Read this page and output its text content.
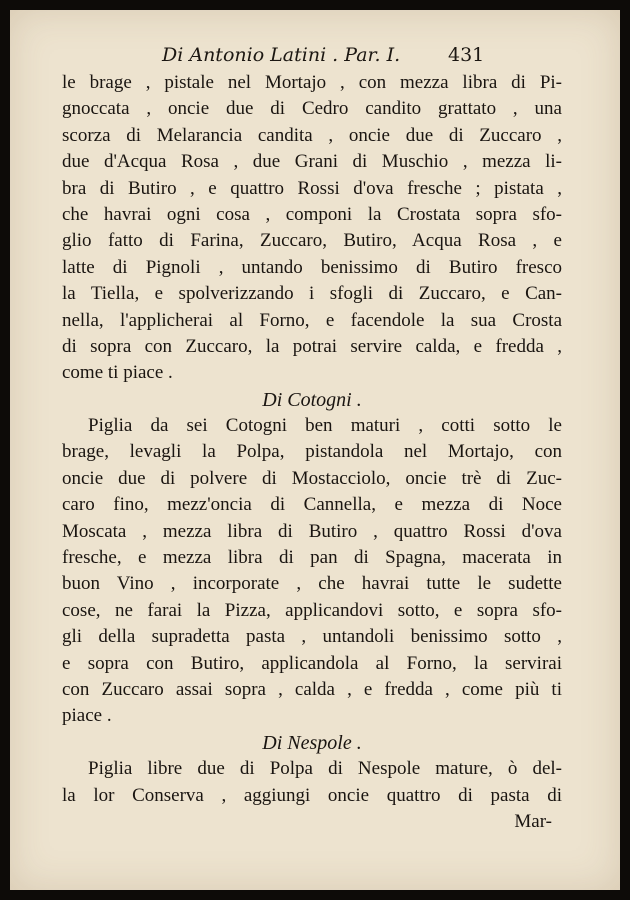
Di Antonio Latini . Par. I.	431
le brage , pistale nel Mortajo , con mezza libra di Pi-
gnoccata , oncie due di Cedro candito grattato , una
scorza di Melarancia candita , oncie due di Zuccaro ,
due d'Acqua Rosa , due Grani di Muschio , mezza li-
bra di Butiro , e quattro Rossi d'ova fresche ; pistata ,
che havrai ogni cosa , componi la Crostata sopra sfo-
glio fatto di Farina, Zuccaro, Butiro, Acqua Rosa , e
latte di Pignoli , untando benissimo di Butiro fresco
la Tiella, e spolverizzando i sfogli di Zuccaro, e Can-
nella, l'applicherai al Forno, e facendole la sua Crosta
di sopra con Zuccaro, la potrai servire calda, e fredda ,
come ti piace .
Di Cotogni .
Piglia da sei Cotogni ben maturi , cotti sotto le
brage, levagli la Polpa, pistandola nel Mortajo, con
oncie due di polvere di Mostacciolo, oncie trè di Zuc-
caro fino, mezz'oncia di Cannella, e mezza di Noce
Moscata , mezza libra di Butiro , quattro Rossi d'ova
fresche, e mezza libra di pan di Spagna, macerata in
buon Vino , incorporate , che havrai tutte le sudette
cose, ne farai la Pizza, applicandovi sotto, e sopra sfo-
gli della supradetta pasta , untandoli benissimo sotto ,
e sopra con Butiro, applicandola al Forno, la servirai
con Zuccaro assai sopra , calda , e fredda , come più ti
piace .
Di Nespole .
Piglia libre due di Polpa di Nespole mature, ò del-
la lor Conserva , aggiungi oncie quattro di pasta di
Mar-
